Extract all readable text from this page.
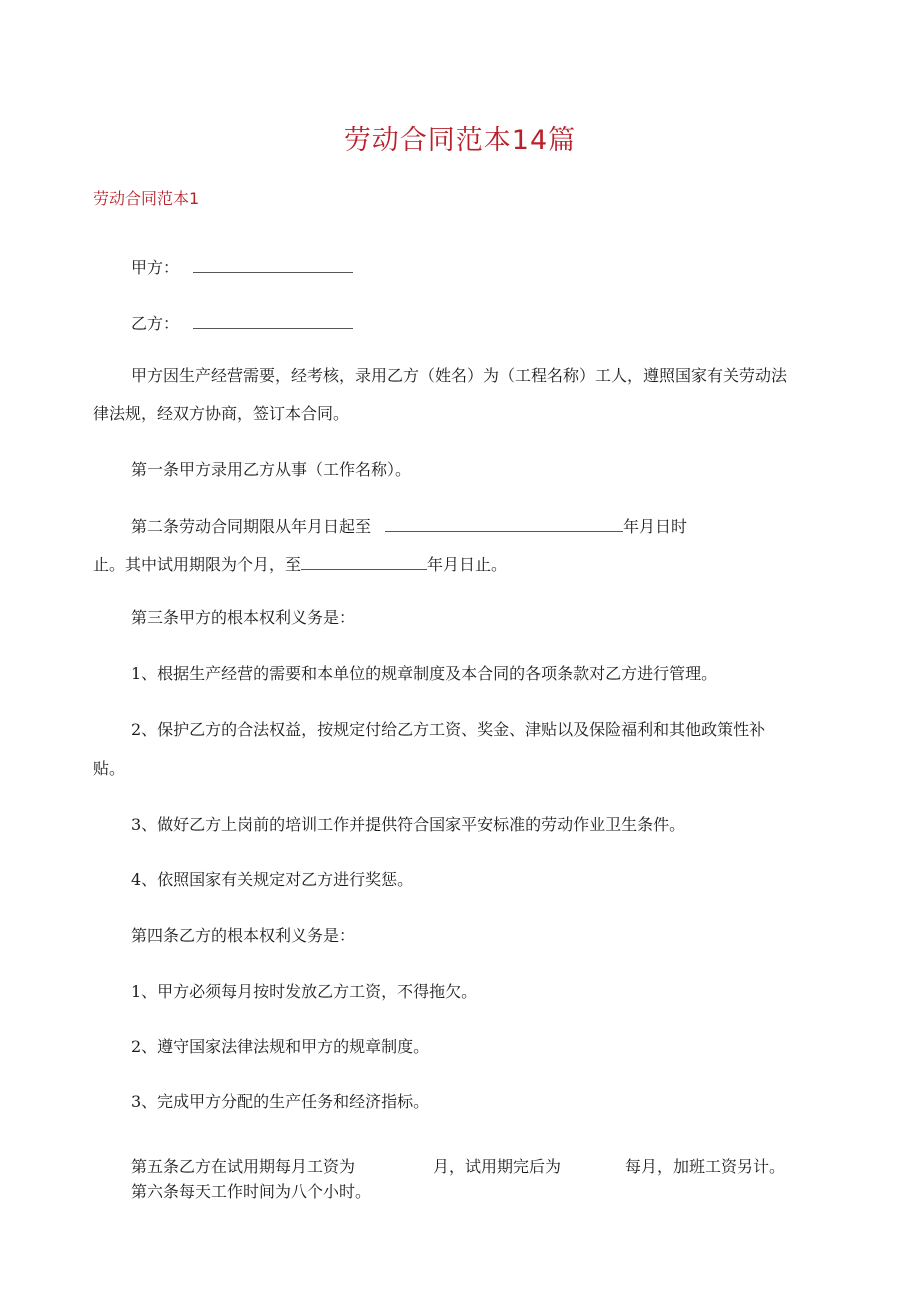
劳动合同范本14篇
劳动合同范本1
甲方：
乙方：
甲方因生产经营需要，经考核，录用乙方（姓名）为（工程名称）工人，遵照国家有关劳动法
律法规，经双方协商，签订本合同。
第一条甲方录用乙方从事（工作名称）。
第二条劳动合同期限从年月日起至	年月日时
止。其中试用期限为个月，至	年月日止。
第三条甲方的根本权利义务是：
1、根据生产经营的需要和本单位的规章制度及本合同的各项条款对乙方进行管理。
2、保护乙方的合法权益，按规定付给乙方工资、奖金、津贴以及保险福利和其他政策性补
贴。
3、做好乙方上岗前的培训工作并提供符合国家平安标准的劳动作业卫生条件。
4、依照国家有关规定对乙方进行奖惩。
第四条乙方的根本权利义务是：
1、甲方必须每月按时发放乙方工资，不得拖欠。
2、遵守国家法律法规和甲方的规章制度。
3、完成甲方分配的生产任务和经济指标。
第五条乙方在试用期每月工资为	月，试用期完后为	每月，加班工资另计。
第六条每天工作时间为八个小时。
